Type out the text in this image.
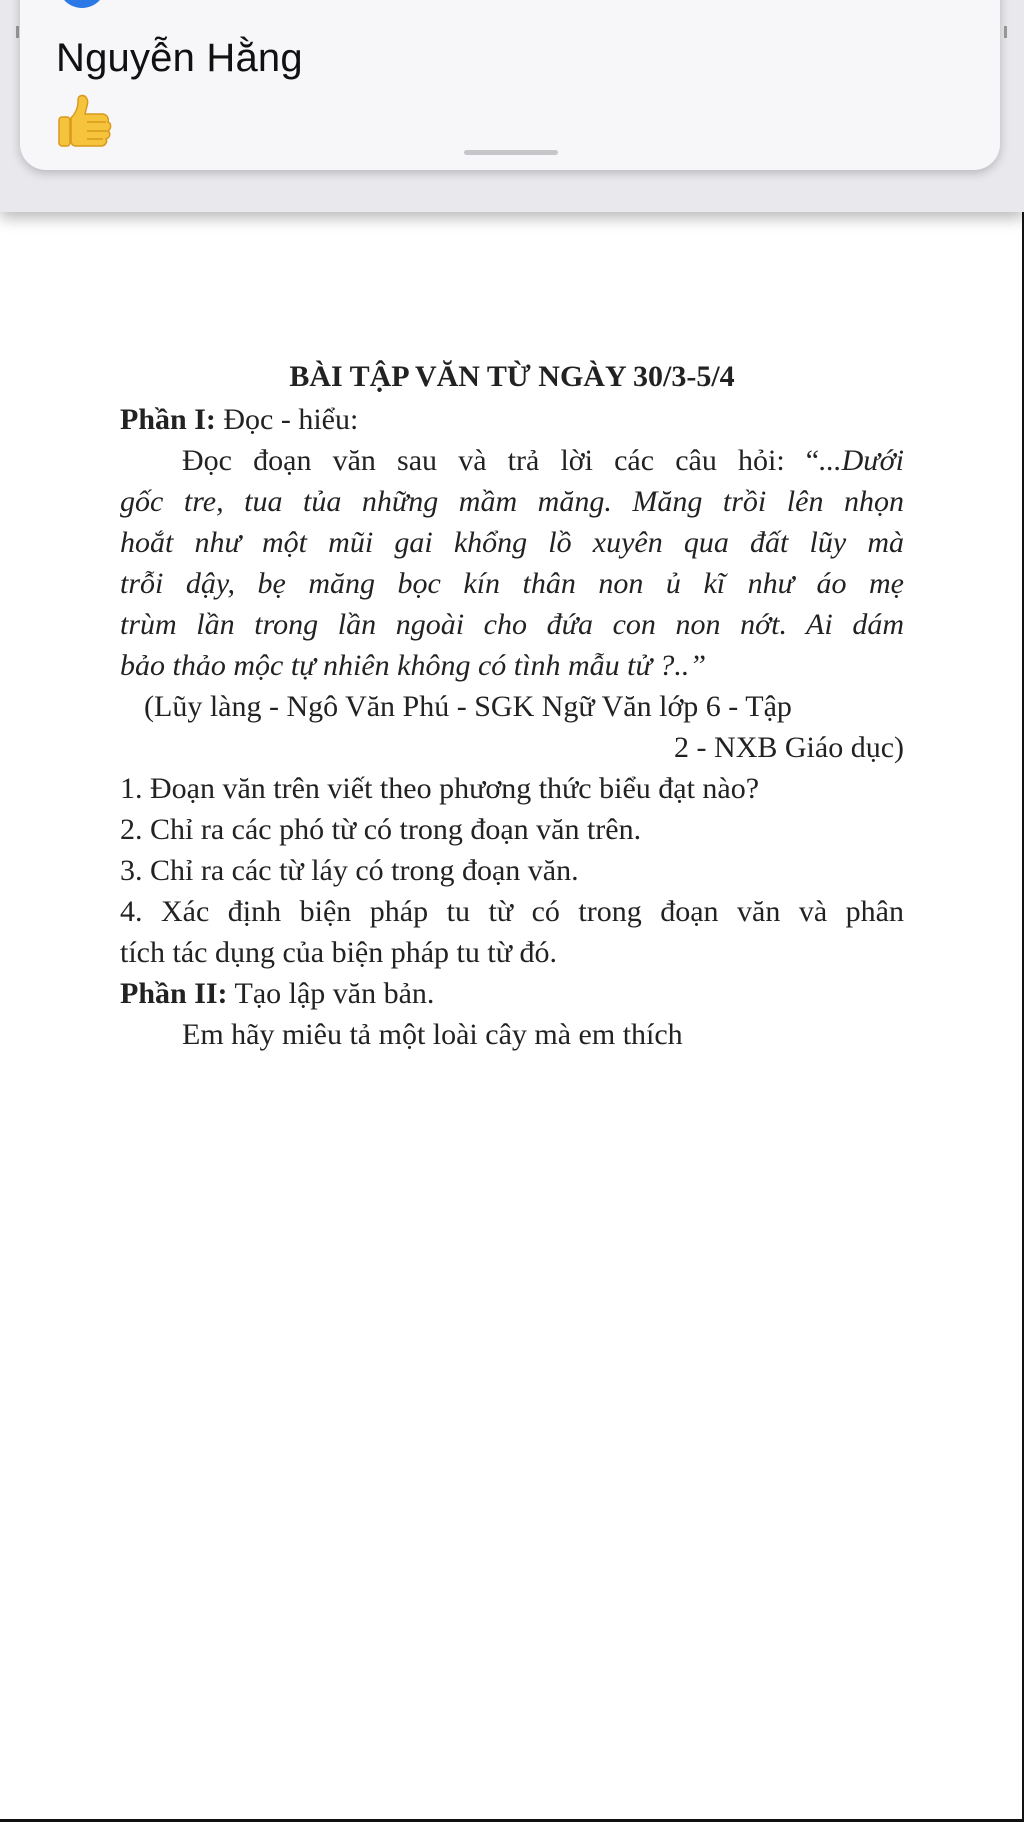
Nguyễn Hằng
BÀI TẬP VĂN TỪ NGÀY 30/3-5/4
Phần I: Đọc - hiểu:
Đọc đoạn văn sau và trả lời các câu hỏi: “...Dưới
gốc tre, tua tủa những mầm măng. Măng trồi lên nhọn
hoắt như một mũi gai khổng lồ xuyên qua đất lũy mà
trỗi dậy, bẹ măng bọc kín thân non ủ kĩ như áo mẹ
trùm lần trong lần ngoài cho đứa con non nớt. Ai dám
bảo thảo mộc tự nhiên không có tình mẫu tử ?..”
(Lũy làng - Ngô Văn Phú - SGK Ngữ Văn lớp 6 - Tập
2 - NXB Giáo dục)
1. Đoạn văn trên viết theo phương thức biểu đạt nào?
2. Chỉ ra các phó từ có trong đoạn văn trên.
3. Chỉ ra các từ láy có trong đoạn văn.
4. Xác định biện pháp tu từ có trong đoạn văn và phân
tích tác dụng của biện pháp tu từ đó.
Phần II: Tạo lập văn bản.
Em hãy miêu tả một loài cây mà em thích
